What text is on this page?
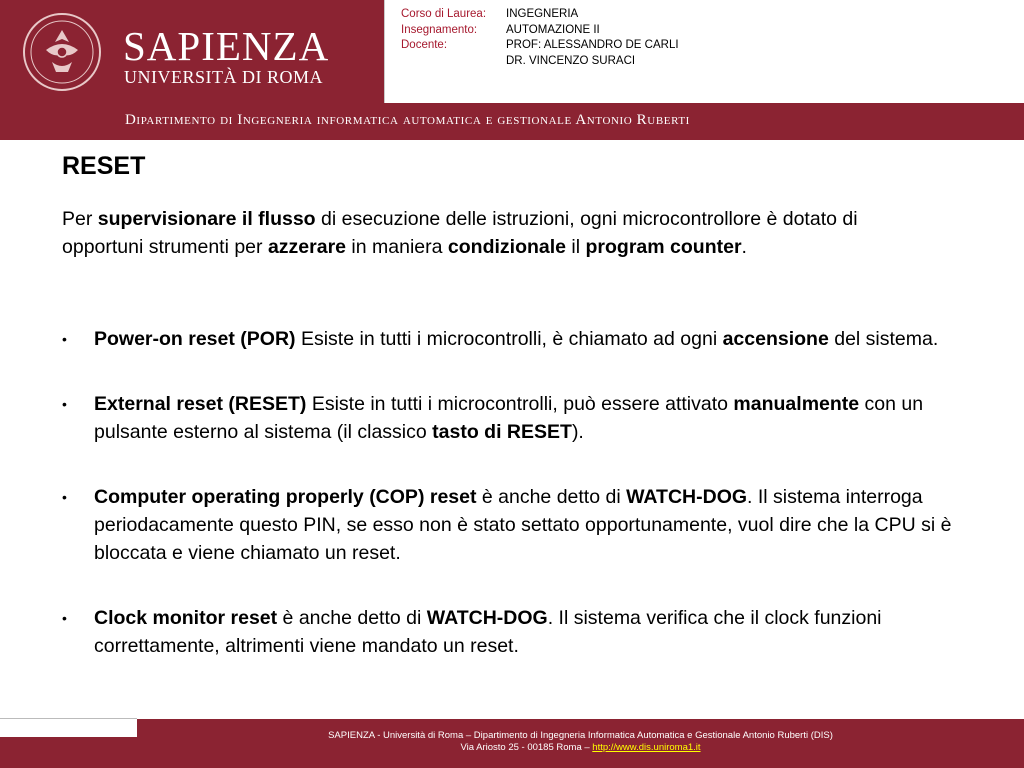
SAPIENZA
UNIVERSITÀ DI ROMA
Corso di Laurea:	INGEGNERIA
Insegnamento:	AUTOMAZIONE II
Docente:	PROF: ALESSANDRO DE CARLI
DR. VINCENZO SURACI
Dipartimento di Ingegneria informatica automatica e gestionale Antonio Ruberti
RESET

Per supervisionare il flusso di esecuzione delle istruzioni, ogni microcontrollore è dotato di opportuni strumenti per azzerare in maniera condizionale il program counter.

• Power-on reset (POR) Esiste in tutti i microcontrolli, è chiamato ad ogni accensione del sistema.
• External reset (RESET) Esiste in tutti i microcontrolli, può essere attivato manualmente con un pulsante esterno al sistema (il classico tasto di RESET).
• Computer operating properly (COP) reset è anche detto di WATCH-DOG. Il sistema interroga periodacamente questo PIN, se esso non è stato settato opportunamente, vuol dire che la CPU si è bloccata e viene chiamato un reset.
• Clock monitor reset è anche detto di WATCH-DOG. Il sistema verifica che il clock funzioni correttamente, altrimenti viene mandato un reset.
SAPIENZA - Università di Roma – Dipartimento di Ingegneria Informatica Automatica e Gestionale Antonio Ruberti (DIS)
Via Ariosto 25 - 00185 Roma – http://www.dis.uniroma1.it
